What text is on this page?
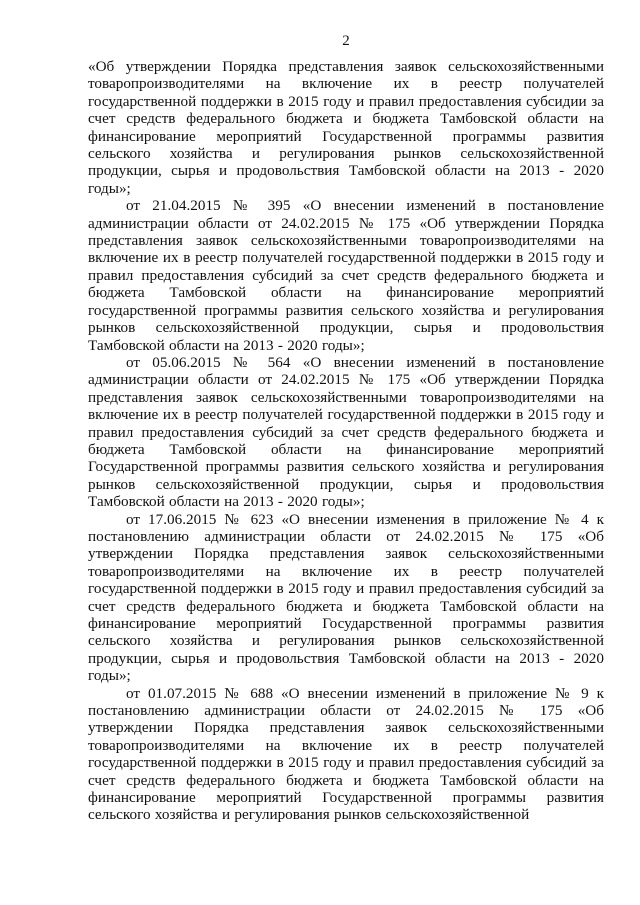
2

«Об утверждении Порядка представления заявок сельскохозяйственными товаропроизводителями на включение их в реестр получателей государственной поддержки в 2015 году и правил предоставления субсидии за счет средств федерального бюджета и бюджета Тамбовской области на финансирование мероприятий Государственной программы развития сельского хозяйства и регулирования рынков сельскохозяйственной продукции, сырья и продовольствия Тамбовской области на 2013 - 2020 годы»;

от 21.04.2015 № 395 «О внесении изменений в постановление администрации области от 24.02.2015 № 175 «Об утверждении Порядка представления заявок сельскохозяйственными товаропроизводителями на включение их в реестр получателей государственной поддержки в 2015 году и правил предоставления субсидий за счет средств федерального бюджета и бюджета Тамбовской области на финансирование мероприятий государственной программы развития сельского хозяйства и регулирования рынков сельскохозяйственной продукции, сырья и продовольствия Тамбовской области на 2013 - 2020 годы»;

от 05.06.2015 № 564 «О внесении изменений в постановление администрации области от 24.02.2015 № 175 «Об утверждении Порядка представления заявок сельскохозяйственными товаропроизводителями на включение их в реестр получателей государственной поддержки в 2015 году и правил предоставления субсидий за счет средств федерального бюджета и бюджета Тамбовской области на финансирование мероприятий Государственной программы развития сельского хозяйства и регулирования рынков сельскохозяйственной продукции, сырья и продовольствия Тамбовской области на 2013 - 2020 годы»;

от 17.06.2015 № 623 «О внесении изменения в приложение № 4 к постановлению администрации области от 24.02.2015 № 175 «Об утверждении Порядка представления заявок сельскохозяйственными товаропроизводителями на включение их в реестр получателей государственной поддержки в 2015 году и правил предоставления субсидий за счет средств федерального бюджета и бюджета Тамбовской области на финансирование мероприятий Государственной программы развития сельского хозяйства и регулирования рынков сельскохозяйственной продукции, сырья и продовольствия Тамбовской области на 2013 - 2020 годы»;

от 01.07.2015 № 688 «О внесении изменений в приложение № 9 к постановлению администрации области от 24.02.2015 № 175 «Об утверждении Порядка представления заявок сельскохозяйственными товаропроизводителями на включение их в реестр получателей государственной поддержки в 2015 году и правил предоставления субсидий за счет средств федерального бюджета и бюджета Тамбовской области на финансирование мероприятий Государственной программы развития сельского хозяйства и регулирования рынков сельскохозяйственной
